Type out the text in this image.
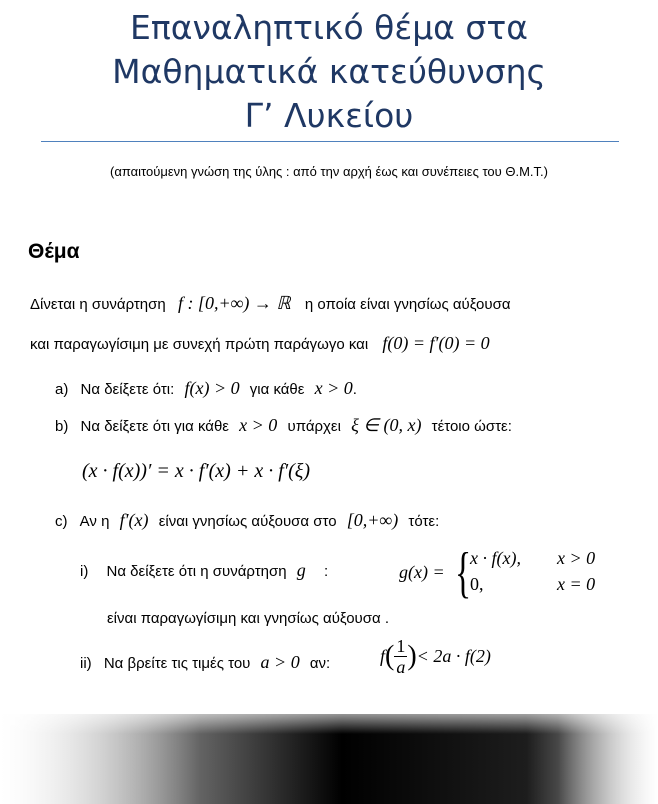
Επαναληπτικό θέμα στα
Μαθηματικά κατεύθυνσης
Γ’ Λυκείου
(απαιτούμενη γνώση της ύλης : από την αρχή έως και συνέπειες του Θ.Μ.Τ.)
Θέμα
Δίνεται η συνάρτηση f : [0,+∞) → ℝ η οποία είναι γνησίως αύξουσα
και παραγωγίσιμη με συνεχή πρώτη παράγωγο και f(0) = f′(0) = 0
a) Να δείξετε ότι: f(x) > 0 για κάθε x > 0.
b) Να δείξετε ότι για κάθε x > 0 υπάρχει ξ ∈ (0, x) τέτοιο ώστε:
(x · f(x))′ = x · f′(x) + x · f′(ξ)
c) Αν η f′(x) είναι γνησίως αύξουσα στο [0,+∞) τότε:
i) Να δείξετε ότι η συνάρτηση g :	g(x) = {
x · f(x), x > 0
0,	x = 0
είναι παραγωγίσιμη και γνησίως αύξουσα .
ii) Να βρείτε τις τιμές του a > 0 αν:	$f( \frac{1}{a}$ )< 2a · f(2)
